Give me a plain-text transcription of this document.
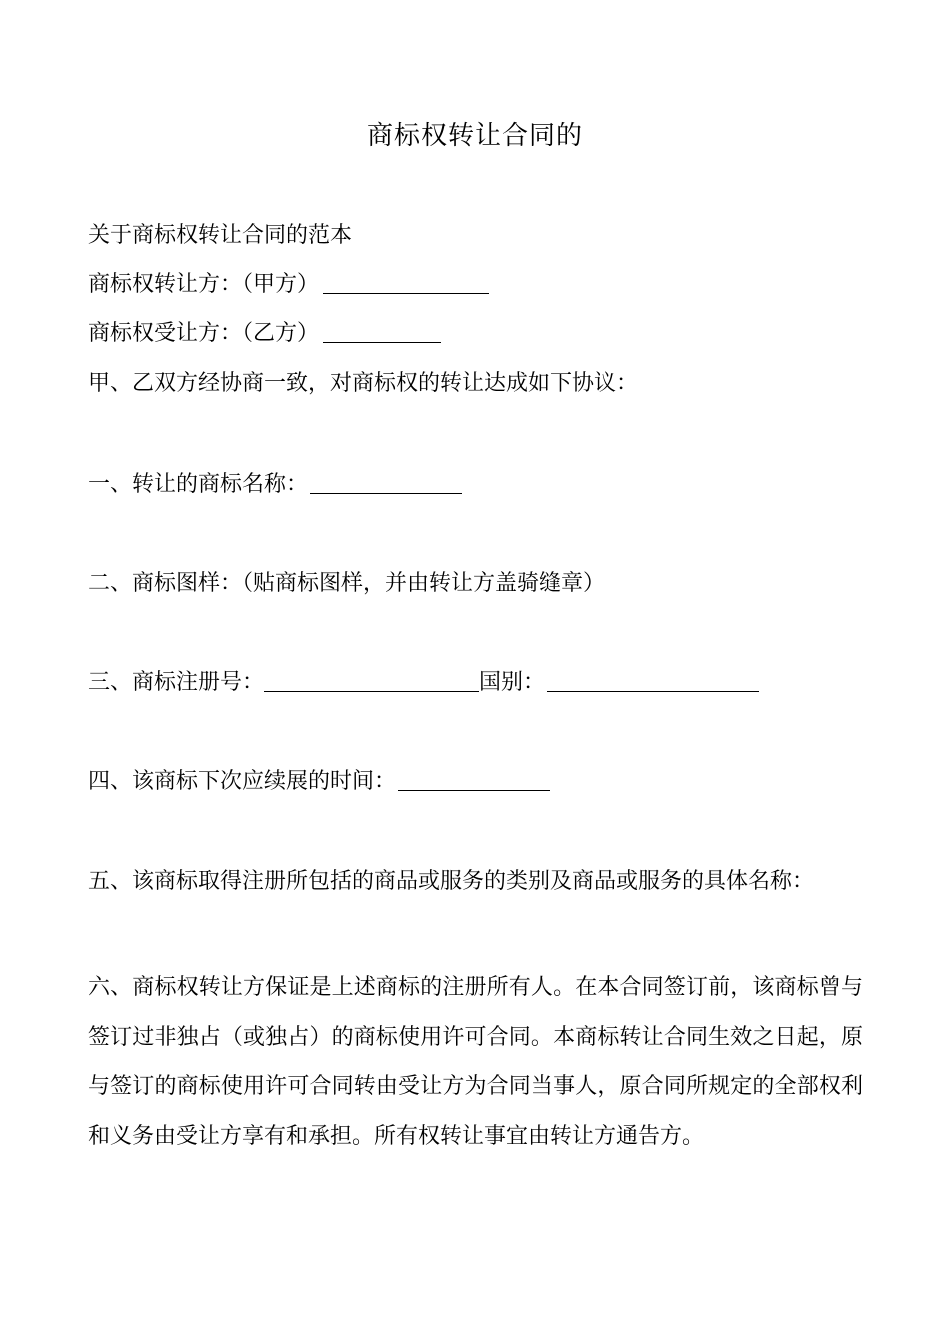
商标权转让合同的
关于商标权转让合同的范本
商标权转让方：（甲方）
商标权受让方：（乙方）
甲、乙双方经协商一致，对商标权的转让达成如下协议：
一、转让的商标名称：
二、商标图样：（贴商标图样，并由转让方盖骑缝章）
三、商标注册号：	国别：
四、该商标下次应续展的时间：
五、该商标取得注册所包括的商品或服务的类别及商品或服务的具体名称：
六、商标权转让方保证是上述商标的注册所有人。在本合同签订前，该商标曾与签订过非独占（或独占）的商标使用许可合同。本商标转让合同生效之日起，原与签订的商标使用许可合同转由受让方为合同当事人，原合同所规定的全部权利和义务由受让方享有和承担。所有权转让事宜由转让方通告方。
